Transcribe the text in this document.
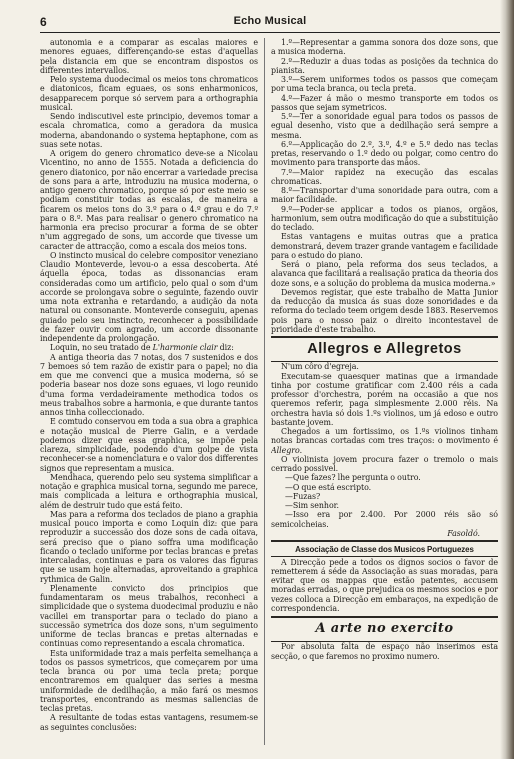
6	Echo Musical

autonomia e a comparar as escalas maiores e menores eguaes, differençando-se estas d'aquellas pela distancia em que se encontram dispostos os differentes intervallos.

Pelo systema duodecimal os meios tons chromaticos e diatonicos, ficam eguaes, os sons enharmonicos, desapparecem porque só servem para a orthographia musical.

Sendo indiscutivel este principio, devemos tomar a escala chromatica, como a geradora da musica moderna, abandonando o systema heptaphone, com as suas sete notas.

A origem do genero chromatico deve-se a Nicolau Vicentino, no anno de 1555. Notada a deficiencia do genero diatonico, por não encerrar a variedade precisa de sons para a arte, introduziu na musica moderna, o antigo genero chromatico, porque só por este meio se podiam constituir todas as escalas, de maneira a ficarem os meios tons do 3.º para o 4.º grau e do 7.º para o 8.º. Mas para realisar o genero chromatico na harmonia era preciso procurar a forma de se obter n'um aggregado de sons, um accorde que tivesse um caracter de attracção, como a escala dos meios tons.

O instincto musical do celebre compositor veneziano Claudio Monteverde, levou-o a essa descoberta. Até áquella época, todas as dissonancias eram consideradas como um artificio, pelo qual o som d'um accorde se prolongava sobre o seguinte, fazendo ouvir uma nota extranha e retardando, a audição da nota natural ou consonante. Monteverde conseguiu, apenas guiado pelo seu instincto, reconhecer a possibilidade de fazer ouvir com agrado, um accorde dissonante independente da prolongação.

Loquin, no seu tratado de L'harmonie clair diz:

A antiga theoria das 7 notas, dos 7 sustenidos e dos 7 bemoes só tem razão de existir para o papel; no dia em que me convenci que a musica moderna, só se poderia basear nos doze sons eguaes, vi logo reunido d'uma forma verdadeiramente methodica todos os meus trabalhos sobre a harmonia, e que durante tantos annos tinha colleccionado.

E comtudo conservou em toda a sua obra a graphica e notação musical de Pierre Galin, e a verdade podemos dizer que essa graphica, se impõe pela clareza, simplicidade, podendo d'um golpe de vista reconhecer-se a nomenclatura e o valor dos differentes signos que representam a musica.

Mendhaca, querendo pelo seu systema simplificar a notação e graphica musical torna, segundo me parece, mais complicada a leitura e orthographia musical, além de destruir tudo que está feito.

Mas para a reforma dos teclados de piano a graphia musical pouco importa e como Loquin diz: que para reproduzir a successão dos doze sons de cada oitava, será preciso que o piano soffra uma modificação ficando o teclado uniforme por teclas brancas e pretas intercaladas, continuas e para os valores das figuras que se usam hoje alternadas, aproveitando a graphica rythmica de Galin.

Plenamente convicto dos principios que fundamentaram os meus trabalhos, reconheci a simplicidade que o systema duodecimal produziu e não vacillei em transportar para o teclado do piano a successão symetrica dos doze sons, n'um seguimento uniforme de teclas brancas e pretas alternadas e continuas como representando a escala chromatica.

Esta uniformidade traz a mais perfeita semelhança a todos os passos symetricos, que começarem por uma tecla branca ou por uma tecla preta; porque encontraremos em qualquer das series a mesma uniformidade de dedilhação, a mão fará os mesmos transportes, encontrando as mesmas saliencias de teclas pretas.

A resultante de todas estas vantagens, resumem-se as seguintes conclusões:

1.º—Representar a gamma sonora dos doze sons, que a musica moderna.

2.º—Reduzir a duas todas as posições da technica do pianista.

3.º—Serem uniformes todos os passos que começam por uma tecla branca, ou tecla preta.

4.º—Fazer á mão o mesmo transporte em todos os passos que sejam symetricos.

5.º—Ter a sonoridade egual para todos os passos de egual desenho, visto que a dedilhação será sempre a mesma.

6.º—Applicação do 2.º, 3.º, 4.º e 5.º dedo nas teclas pretas, reservando o 1.º dedo ou polgar, como centro do movimento para transporte das mãos.

7.º—Maior rapidez na execução das escalas chromaticas.

8.º—Transportar d'uma sonoridade para outra, com a maior facilidade.

9.º—Poder-se applicar a todos os pianos, orgãos, harmonium, sem outra modificação do que a substituição do teclado.

Estas vantagens e muitas outras que a pratica demonstrará, devem trazer grande vantagem e facilidade para o estudo do piano.

Será o piano, pela reforma dos seus teclados, a alavanca que facilitará a realisação pratica da theoria dos doze sons, e a solução do problema da musica moderna.»

Devemos registar, que este trabalho de Matta Junior da reducção da musica ás suas doze sonoridades e da reforma do teclado teem origem desde 1883. Reservemos pois para o nosso paiz o direito incontestavel de prioridade d'este trabalho.

Allegros e Allegretos

N'um côro d'egreja.

Executam-se quaesquer matinas que a irmandade tinha por costume gratificar com 2.400 réis a cada professor d'orchestra, porém na occasião a que nos queremos referir, paga simplesmente 2.000 réis. Na orchestra havia só dois 1.ºs violinos, um já edoso e outro bastante jovem.

Chegados a um fortissimo, os 1.ºs violinos tinham notas brancas cortadas com tres traços: o movimento é Allegro.

O violinista jovem procura fazer o tremolo o mais cerrado possivel.

—Que fazes? lhe pergunta o outro.

—O que está escripto.

—Fuzas?

—Sim senhor.

—Isso era por 2.400. Por 2000 réis são só semicolcheias.

Fasoldó.

Associação de Classe dos Musicos Portuguezes

A Direcção pede a todos os dignos socios o favor de remetterem á séde da Associação as suas moradas, para evitar que os mappas que estão patentes, accusem moradas erradas, o que prejudica os mesmos socios e por vezes colloca a Direcção em embaraços, na expedição de correspondencia.

A arte no exercito

Por absoluta falta de espaço não inserimos esta secção, o que faremos no proximo numero.
